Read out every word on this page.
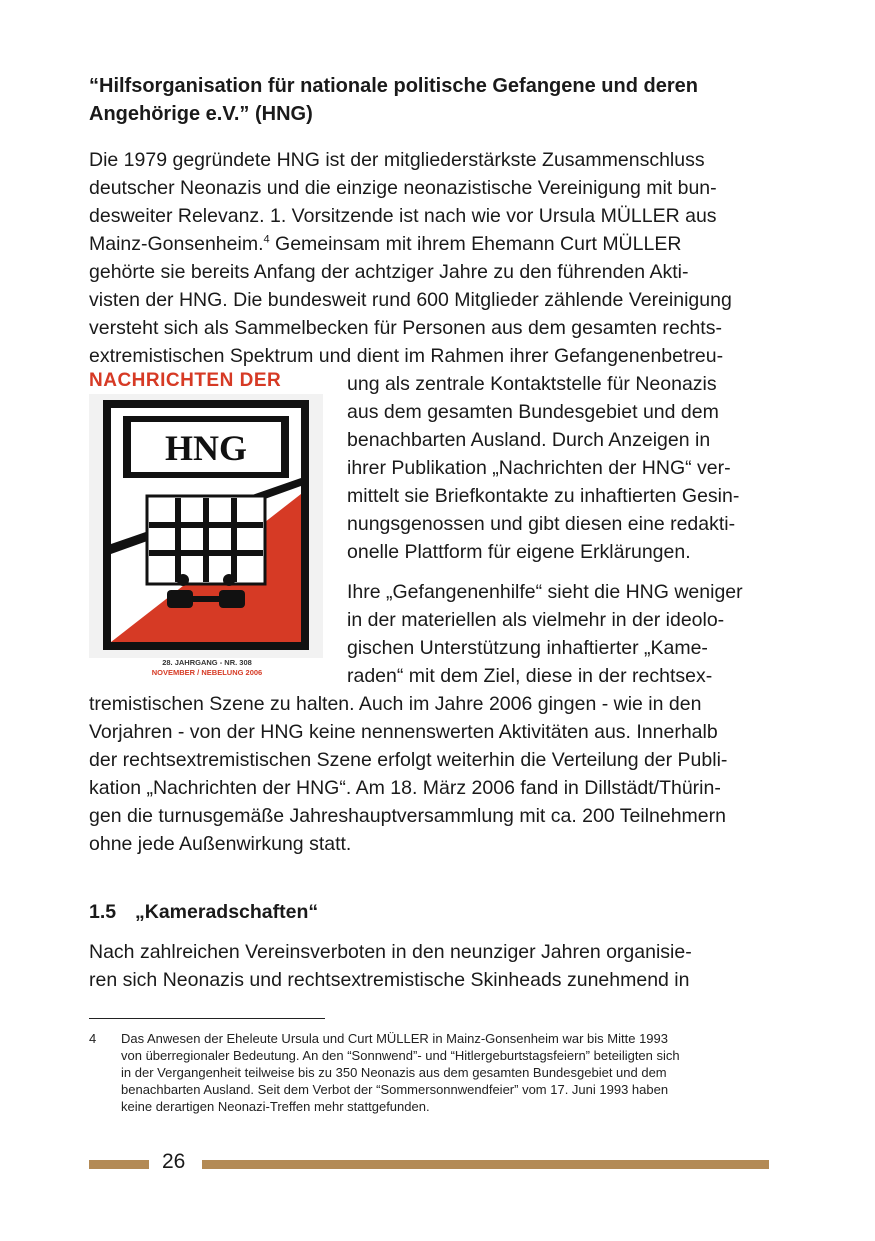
“Hilfsorganisation für nationale politische Gefangene und deren
Angehörige e.V.” (HNG)
Die 1979 gegründete HNG ist der mitgliederstärkste Zusammenschluss
deutscher Neonazis und die einzige neonazistische Vereinigung mit bun-
desweiter Relevanz. 1. Vorsitzende ist nach wie vor Ursula MÜLLER aus
Mainz-Gonsenheim.$^4$ Gemeinsam mit ihrem Ehemann Curt MÜLLER
gehörte sie bereits Anfang der achtziger Jahre zu den führenden Akti-
visten der HNG. Die bundesweit rund 600 Mitglieder zählende Vereinigung
versteht sich als Sammelbecken für Personen aus dem gesamten rechts-
extremistischen Spektrum und dient im Rahmen ihrer Gefangenenbetreu-
NACHRICHTEN DER
HNG
28. JAHRGANG - NR. 308
NOVEMBER / NEBELUNG 2006
ung als zentrale Kontaktstelle für Neonazis
aus dem gesamten Bundesgebiet und dem
benachbarten Ausland. Durch Anzeigen in
ihrer Publikation „Nachrichten der HNG“ ver-
mittelt sie Briefkontakte zu inhaftierten Gesin-
nungsgenossen und gibt diesen eine redakti-
onelle Plattform für eigene Erklärungen.
Ihre „Gefangenenhilfe“ sieht die HNG weniger
in der materiellen als vielmehr in der ideolo-
gischen Unterstützung inhaftierter „Kame-
raden“ mit dem Ziel, diese in der rechtsex-
tremistischen Szene zu halten. Auch im Jahre 2006 gingen - wie in den
Vorjahren - von der HNG keine nennenswerten Aktivitäten aus. Innerhalb
der rechtsextremistischen Szene erfolgt weiterhin die Verteilung der Publi-
kation „Nachrichten der HNG“. Am 18. März 2006 fand in Dillstädt/Thürin-
gen die turnusgemäße Jahreshauptversammlung mit ca. 200 Teilnehmern
ohne jede Außenwirkung statt.
1.5 „Kameradschaften“
Nach zahlreichen Vereinsverboten in den neunziger Jahren organisie-
ren sich Neonazis und rechtsextremistische Skinheads zunehmend in
4 Das Anwesen der Eheleute Ursula und Curt MÜLLER in Mainz-Gonsenheim war bis Mitte 1993
von überregionaler Bedeutung. An den “Sonnwend”- und “Hitlergeburtstagsfeiern” beteiligten sich
in der Vergangenheit teilweise bis zu 350 Neonazis aus dem gesamten Bundesgebiet und dem
benachbarten Ausland. Seit dem Verbot der “Sommersonnwendfeier” vom 17. Juni 1993 haben
keine derartigen Neonazi-Treffen mehr stattgefunden.
26
